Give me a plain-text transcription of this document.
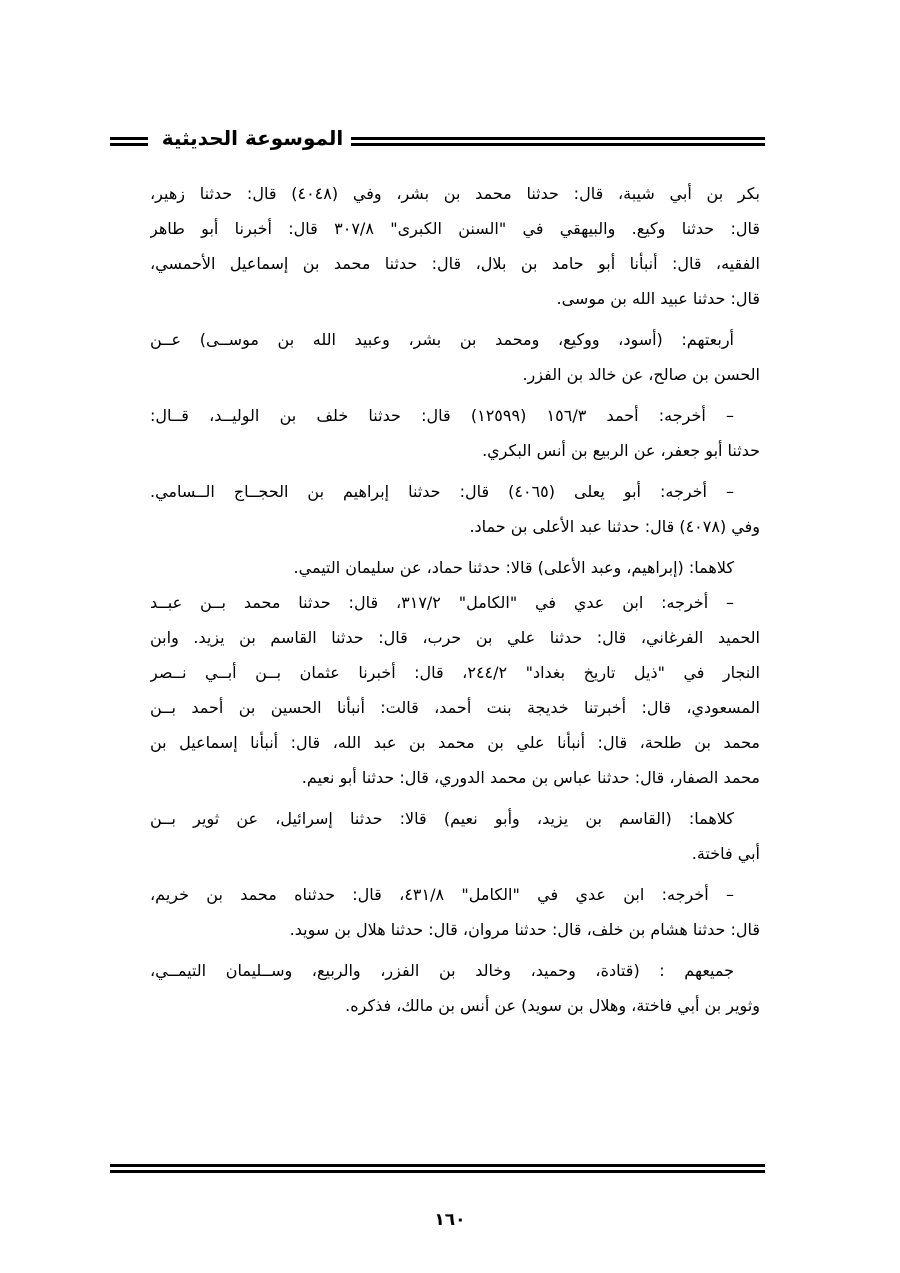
الموسوعة الحديثية
بكر بن أبي شيبة، قال: حدثنا محمد بن بشر، وفي (٤٠٤٨) قال: حدثنا زهير،
قال: حدثنا وكيع. والبيهقي في "السنن الكبرى" ٣٠٧/٨ قال: أخبرنا أبو طاهر
الفقيه، قال: أنبأنا أبو حامد بن بلال، قال: حدثنا محمد بن إسماعيل الأحمسي،
قال: حدثنا عبيد الله بن موسى.
أربعتهم: (أسود، ووكيع، ومحمد بن بشر، وعبيد الله بن موســى) عــن
الحسن بن صالح، عن خالد بن الفزر.
– أخرجه: أحمد ١٥٦/٣ (١٢٥٩٩) قال: حدثنا خلف بن الوليــد، قــال:
حدثنا أبو جعفر، عن الربيع بن أنس البكري.
– أخرجه: أبو يعلى (٤٠٦٥) قال: حدثنا إبراهيم بن الحجــاج الــسامي.
وفي (٤٠٧٨) قال: حدثنا عبد الأعلى بن حماد.
كلاهما: (إبراهيم، وعبد الأعلى) قالا: حدثنا حماد، عن سليمان التيمي.
– أخرجه: ابن عدي في "الكامل" ٣١٧/٢، قال: حدثنا محمد بــن عبــد
الحميد الفرغاني، قال: حدثنا علي بن حرب، قال: حدثنا القاسم بن يزيد. وابن
النجار في "ذيل تاريخ بغداد" ٢٤٤/٢، قال: أخبرنا عثمان بــن أبــي نــصر
المسعودي، قال: أخبرتنا خديجة بنت أحمد، قالت: أنبأنا الحسين بن أحمد بــن
محمد بن طلحة، قال: أنبأنا علي بن محمد بن عبد الله، قال: أنبأنا إسماعيل بن
محمد الصفار، قال: حدثنا عباس بن محمد الدوري، قال: حدثنا أبو نعيم.
كلاهما: (القاسم بن يزيد، وأبو نعيم) قالا: حدثنا إسرائيل، عن ثوير بــن
أبي فاختة.
– أخرجه: ابن عدي في "الكامل" ٤٣١/٨، قال: حدثناه محمد بن خريم،
قال: حدثنا هشام بن خلف، قال: حدثنا مروان، قال: حدثنا هلال بن سويد.
جميعهم : (قتادة، وحميد، وخالد بن الفزر، والربيع، وســليمان التيمــي،
وثوير بن أبي فاختة، وهلال بن سويد) عن أنس بن مالك، فذكره.
١٦٠
